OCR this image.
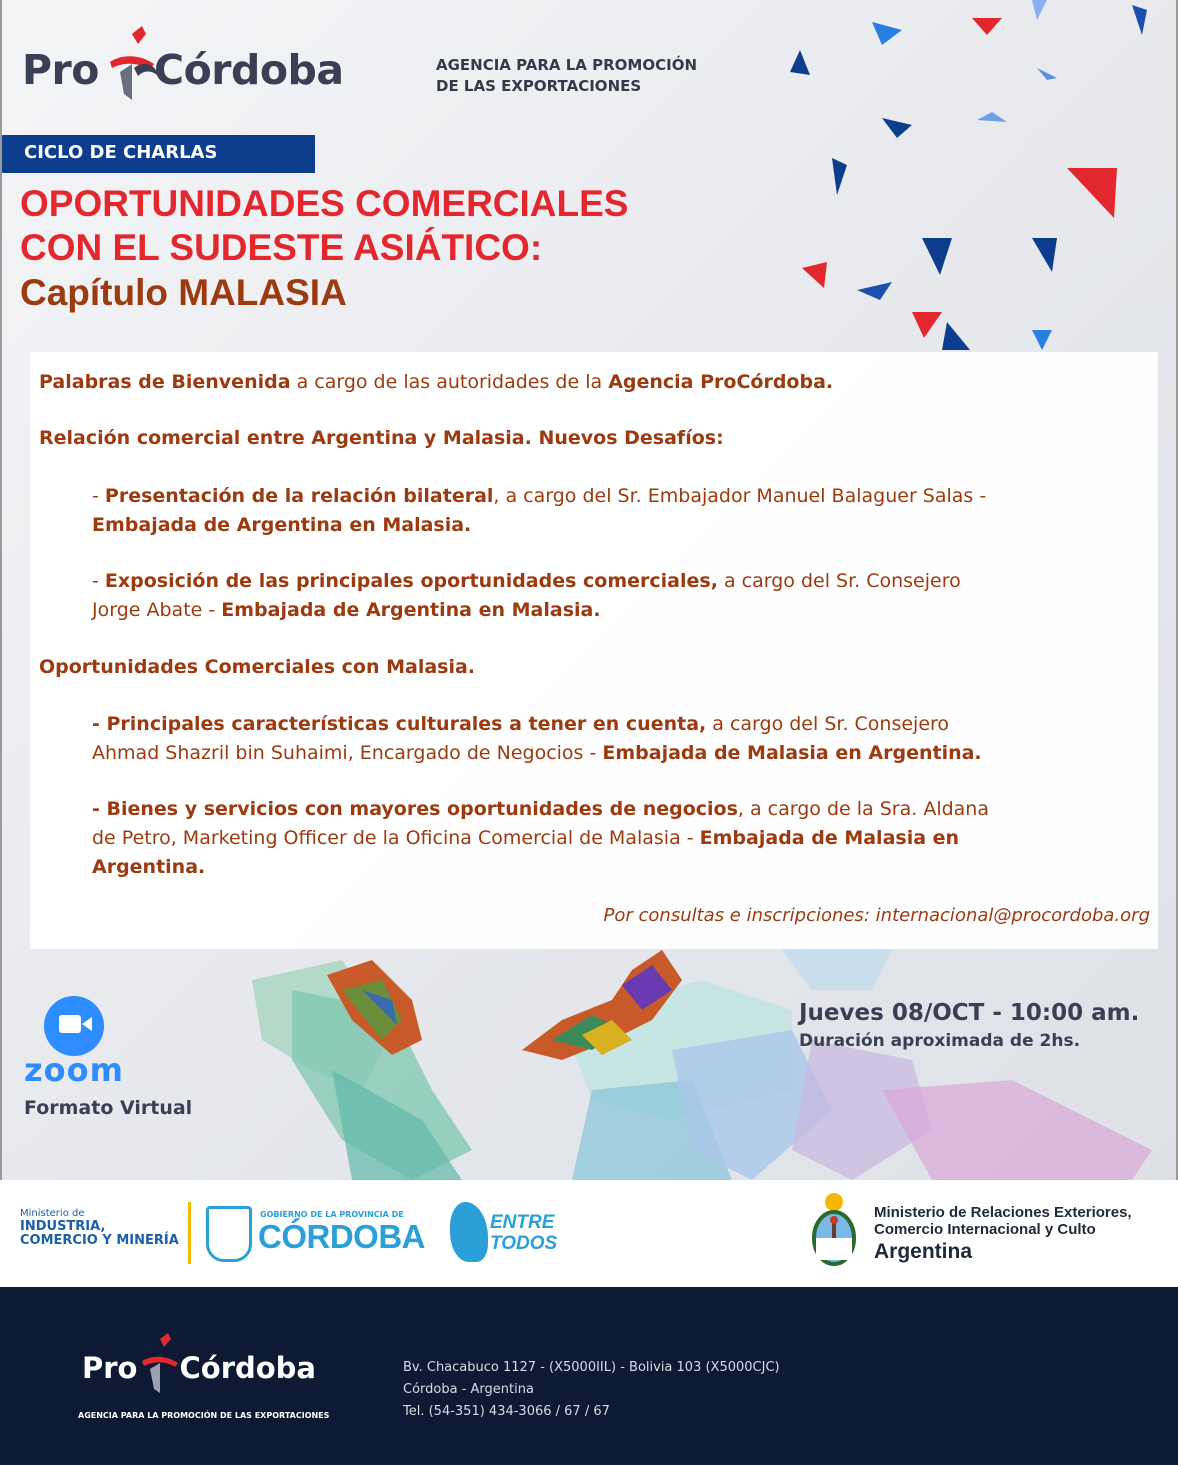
Pro Córdoba	AGENCIA PARA LA PROMOCIÓN
DE LAS EXPORTACIONES
CICLO DE CHARLAS
OPORTUNIDADES COMERCIALES
CON EL SUDESTE ASIÁTICO:
Capítulo MALASIA
Palabras de Bienvenida a cargo de las autoridades de la Agencia ProCórdoba.
Relación comercial entre Argentina y Malasia. Nuevos Desafíos:
- Presentación de la relación bilateral, a cargo del Sr. Embajador Manuel Balaguer Salas -
Embajada de Argentina en Malasia.
- Exposición de las principales oportunidades comerciales, a cargo del Sr. Consejero
Jorge Abate - Embajada de Argentina en Malasia.
Oportunidades Comerciales con Malasia.
- Principales características culturales a tener en cuenta, a cargo del Sr. Consejero
Ahmad Shazril bin Suhaimi, Encargado de Negocios - Embajada de Malasia en Argentina.
- Bienes y servicios con mayores oportunidades de negocios, a cargo de la Sra. Aldana
de Petro, Marketing Officer de la Oficina Comercial de Malasia - Embajada de Malasia en
Argentina.
Por consultas e inscripciones: internacional@procordoba.org
zoom
Formato Virtual
Jueves 08/OCT - 10:00 am.
Duración aproximada de 2hs.
Ministerio de
INDUSTRIA,
COMERCIO Y MINERÍA
GOBIERNO DE LA PROVINCIA DE
CÓRDOBA	ENTRE
TODOS
Ministerio de Relaciones Exteriores,
Comercio Internacional y Culto
Argentina
Pro Córdoba
AGENCIA PARA LA PROMOCIÓN DE LAS EXPORTACIONES
Bv. Chacabuco 1127 - (X5000IIL) - Bolivia 103 (X5000CJC)
Córdoba - Argentina
Tel. (54-351) 434-3066 / 67 / 67
